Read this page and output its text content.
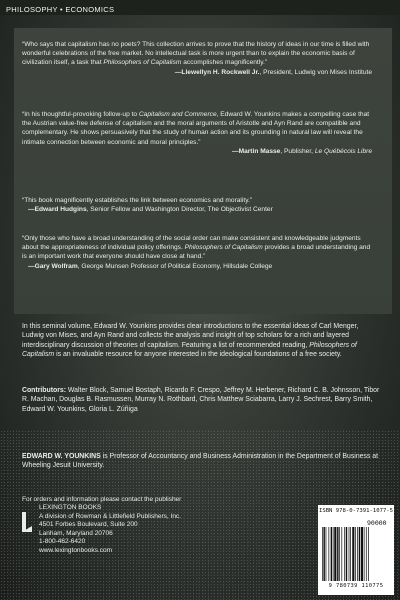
PHILOSOPHY • ECONOMICS
“Who says that capitalism has no poets? This collection arrives to prove that the history of ideas in our time is filled with wonderful celebrations of the free market. No intellectual task is more urgent than to explain the economic basis of civilization itself, a task that Philosophers of Capitalism accomplishes magnificently.”
—Llewellyn H. Rockwell Jr., President, Ludwig von Mises Institute
“In his thoughtful-provoking follow-up to Capitalism and Commerce, Edward W. Younkins makes a compelling case that the Austrian value-free defense of capitalism and the moral arguments of Aristotle and Ayn Rand are compatible and complementary. He shows persuasively that the study of human action and its grounding in natural law will reveal the intimate connection between economic and moral principles.”
—Martin Masse, Publisher, Le Québécois Libre
“This book magnificently establishes the link between economics and morality.”
—Edward Hudgins, Senior Fellow and Washington Director, The Objectivist Center
“Only those who have a broad understanding of the social order can make consistent and knowledgeable judgments about the appropriateness of individual policy offerings. Philosophers of Capitalism provides a broad understanding and is an important work that everyone should have close at hand.”
—Gary Wolfram, George Munsen Professor of Political Economy, Hillsdale College
In this seminal volume, Edward W. Younkins provides clear introductions to the essential ideas of Carl Menger, Ludwig von Mises, and Ayn Rand and collects the analysis and insight of top scholars for a rich and layered interdisciplinary discussion of theories of capitalism. Featuring a list of recommended reading, Philosophers of Capitalism is an invaluable resource for anyone interested in the ideological foundations of a free society.
Contributors: Walter Block, Samuel Bostaph, Ricardo F. Crespo, Jeffrey M. Herbener, Richard C. B. Johnsson, Tibor R. Machan, Douglas B. Rasmussen, Murray N. Rothbard, Chris Matthew Sciabarra, Larry J. Sechrest, Barry Smith, Edward W. Younkins, Gloria L. Zúñiga
EDWARD W. YOUNKINS is Professor of Accountancy and Business Administration in the Department of Business at Wheeling Jesuit University.
For orders and information please contact the publisher
LEXINGTON BOOKS
A division of Rowman & Littlefield Publishers, Inc.
4501 Forbes Boulevard, Suite 200
Lanham, Maryland 20706
1-800-462-6420
www.lexingtonbooks.com
ISBN 978-0-7391-1077-5
90000
9 780739 110775
